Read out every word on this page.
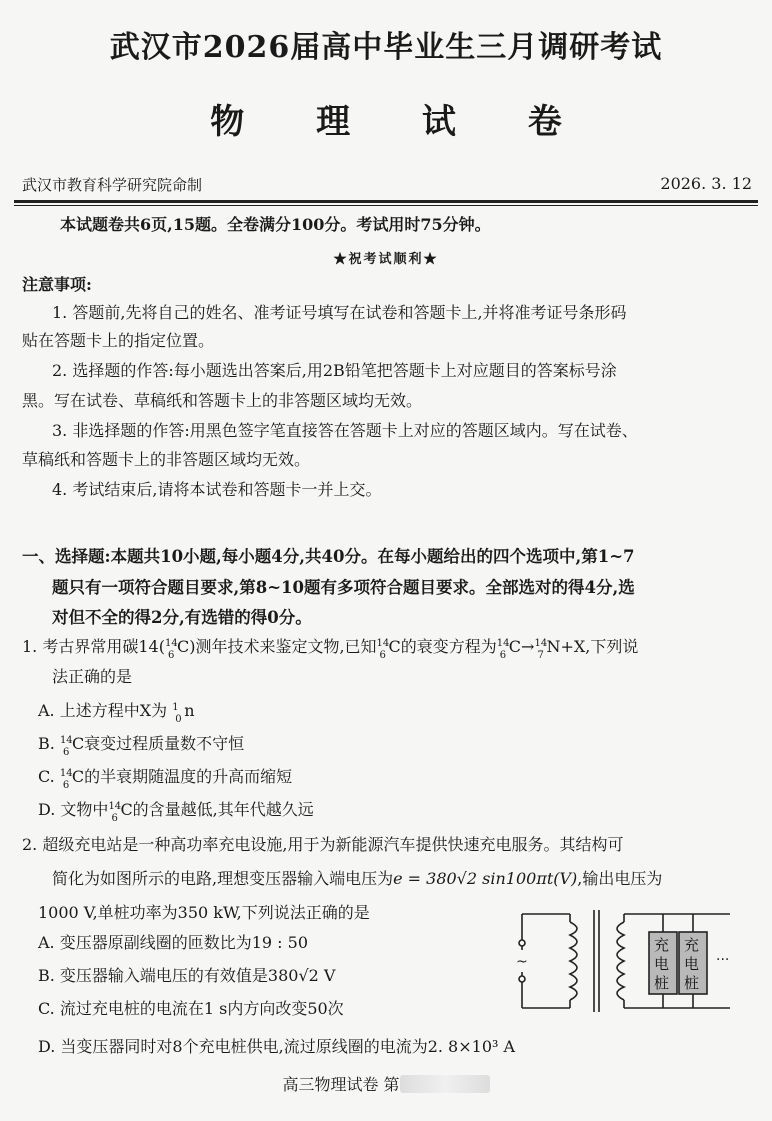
武汉市2026届高中毕业生三月调研考试
物 理 试 卷
武汉市教育科学研究院命制	2026. 3. 12
本试题卷共6页,15题。全卷满分100分。考试用时75分钟。
★祝考试顺利★
注意事项:
1. 答题前,先将自己的姓名、准考证号填写在试卷和答题卡上,并将准考证号条形码
贴在答题卡上的指定位置。
2. 选择题的作答:每小题选出答案后,用2B铅笔把答题卡上对应题目的答案标号涂
黑。写在试卷、草稿纸和答题卡上的非答题区域均无效。
3. 非选择题的作答:用黑色签字笔直接答在答题卡上对应的答题区域内。写在试卷、
草稿纸和答题卡上的非答题区域均无效。
4. 考试结束后,请将本试卷和答题卡一并上交。
一、选择题:本题共10小题,每小题4分,共40分。在每小题给出的四个选项中,第1~7
题只有一项符合题目要求,第8~10题有多项符合题目要求。全部选对的得4分,选
对但不全的得2分,有选错的得0分。
1. 考古界常用碳14( 14
6 C)测年技术来鉴定文物,已知 14
6 C的衰变方程为 14
6 C→ 14
7 N+X,下列说
法正确的是
A. 上述方程中X为 1
0 n
B. 14
6 C衰变过程质量数不守恒
C. 14
6 C的半衰期随温度的升高而缩短
D. 文物中 14
6 C的含量越低,其年代越久远
2. 超级充电站是一种高功率充电设施,用于为新能源汽车提供快速充电服务。其结构可
简化为如图所示的电路,理想变压器输入端电压为e = 380√2 sin100πt(V),输出电压为
1000 V,单桩功率为350 kW,下列说法正确的是
A. 变压器原副线圈的匝数比为19 : 50
B. 变压器输入端电压的有效值是380√2 V
C. 流过充电桩的电流在1 s内方向改变50次
D. 当变压器同时对8个充电桩供电,流过原线圈的电流为2. 8×10³ A
~
充
电
桩
充
电
桩
···
高三物理试卷 第
